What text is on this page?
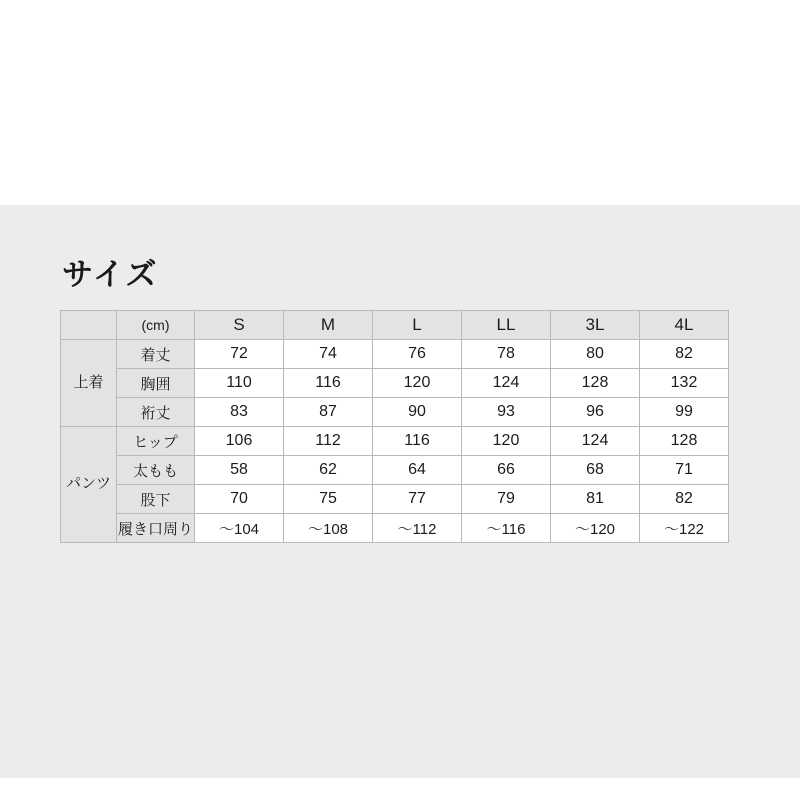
サイズ
	(cm)	S	M	L	LL	3L	4L
上着	着丈	72	74	76	78	80	82
	胸囲	110	116	120	124	128	132
	裄丈	83	87	90	93	96	99
パンツ	ヒップ	106	112	116	120	124	128
	太もも	58	62	64	66	68	71
	股下	70	75	77	79	81	82
	履き口周り	～104	～108	～112	～116	～120	～122
